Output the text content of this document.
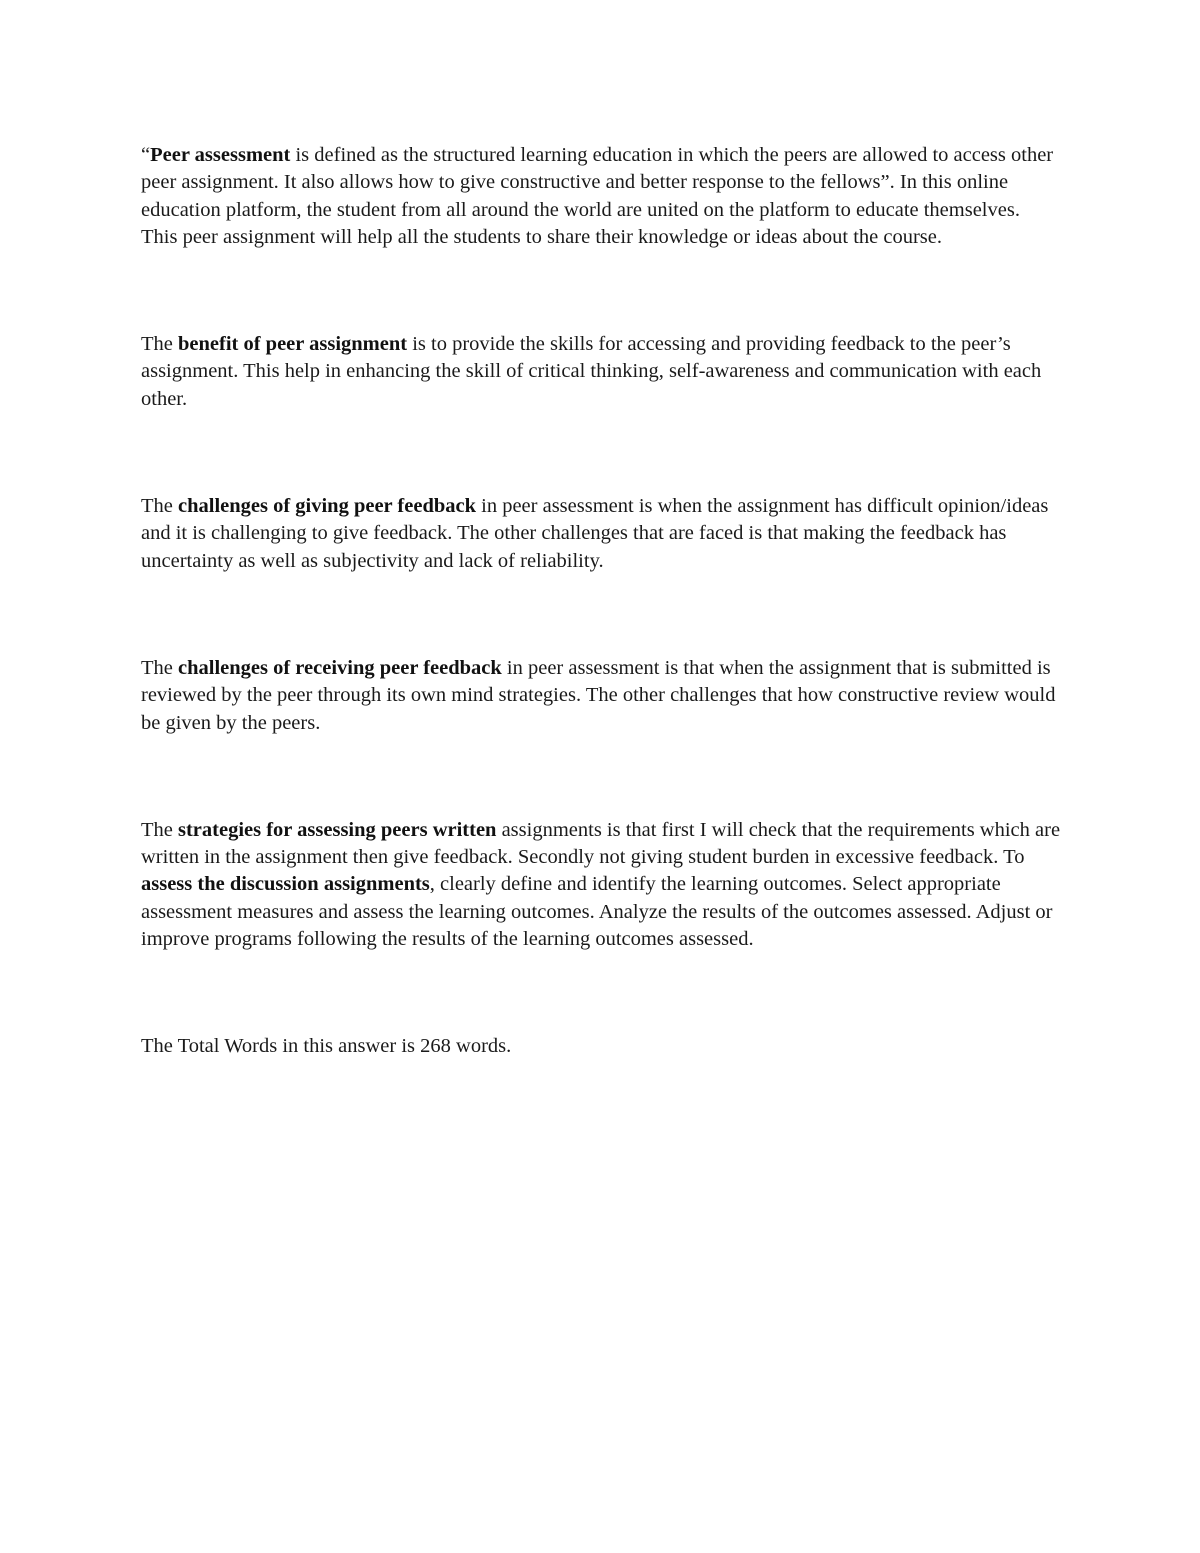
“Peer assessment is defined as the structured learning education in which the peers are allowed to access other peer assignment. It also allows how to give constructive and better response to the fellows”. In this online education platform, the student from all around the world are united on the platform to educate themselves. This peer assignment will help all the students to share their knowledge or ideas about the course.

The benefit of peer assignment is to provide the skills for accessing and providing feedback to the peer’s assignment. This help in enhancing the skill of critical thinking, self-awareness and communication with each other.

The challenges of giving peer feedback in peer assessment is when the assignment has difficult opinion/ideas and it is challenging to give feedback. The other challenges that are faced is that making the feedback has uncertainty as well as subjectivity and lack of reliability.

The challenges of receiving peer feedback in peer assessment is that when the assignment that is submitted is reviewed by the peer through its own mind strategies. The other challenges that how constructive review would be given by the peers.

The strategies for assessing peers written assignments is that first I will check that the requirements which are written in the assignment then give feedback. Secondly not giving student burden in excessive feedback. To assess the discussion assignments, clearly define and identify the learning outcomes. Select appropriate assessment measures and assess the learning outcomes. Analyze the results of the outcomes assessed. Adjust or improve programs following the results of the learning outcomes assessed.

The Total Words in this answer is 268 words.
